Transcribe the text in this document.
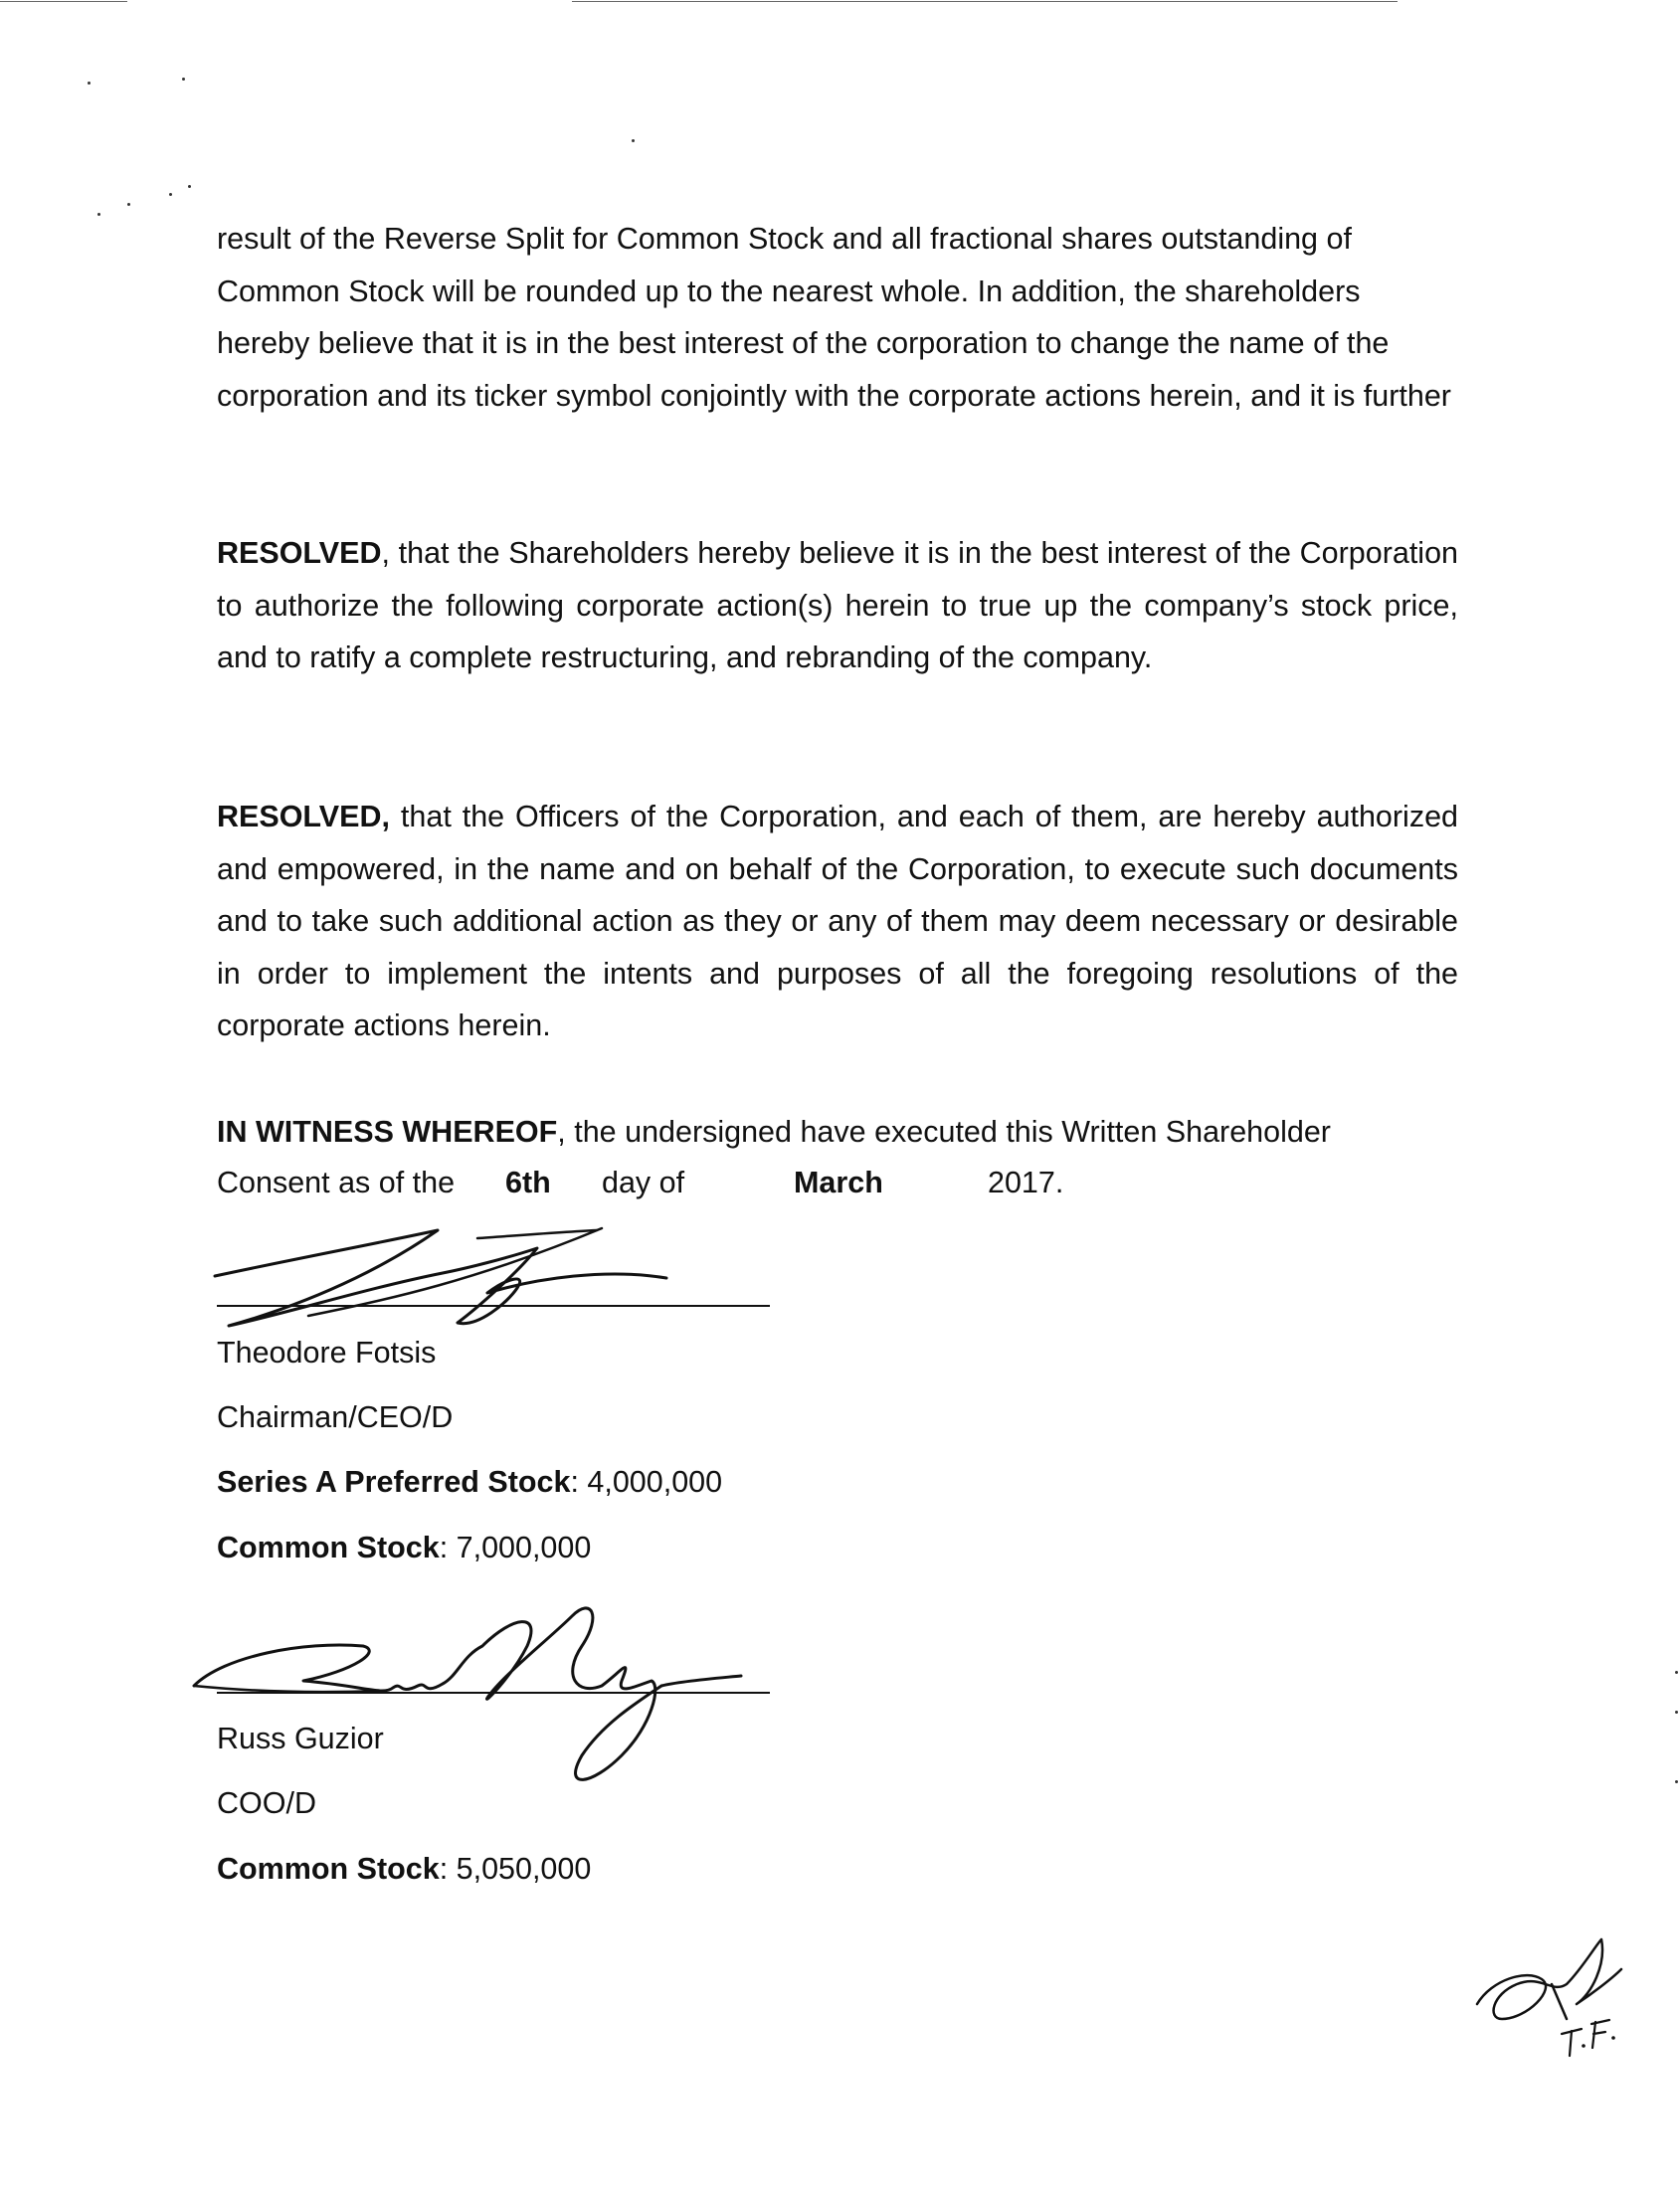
result of the Reverse Split for Common Stock and all fractional shares outstanding of Common Stock will be rounded up to the nearest whole. In addition, the shareholders hereby believe that it is in the best interest of the corporation to change the name of the corporation and its ticker symbol conjointly with the corporate actions herein, and it is further

RESOLVED, that the Shareholders hereby believe it is in the best interest of the Corporation to authorize the following corporate action(s) herein to true up the company’s stock price, and to ratify a complete restructuring, and rebranding of the company.

RESOLVED, that the Officers of the Corporation, and each of them, are hereby authorized and empowered, in the name and on behalf of the Corporation, to execute such documents and to take such additional action as they or any of them may deem necessary or desirable in order to implement the intents and purposes of all the foregoing resolutions of the corporate actions herein.

IN WITNESS WHEREOF, the undersigned have executed this Written Shareholder

Consent as of the 6th day of	March	2017.
Theodore Fotsis
Chairman/CEO/D
Series A Preferred Stock: 4,000,000
Common Stock: 7,000,000
Russ Guzior
COO/D
Common Stock: 5,050,000
